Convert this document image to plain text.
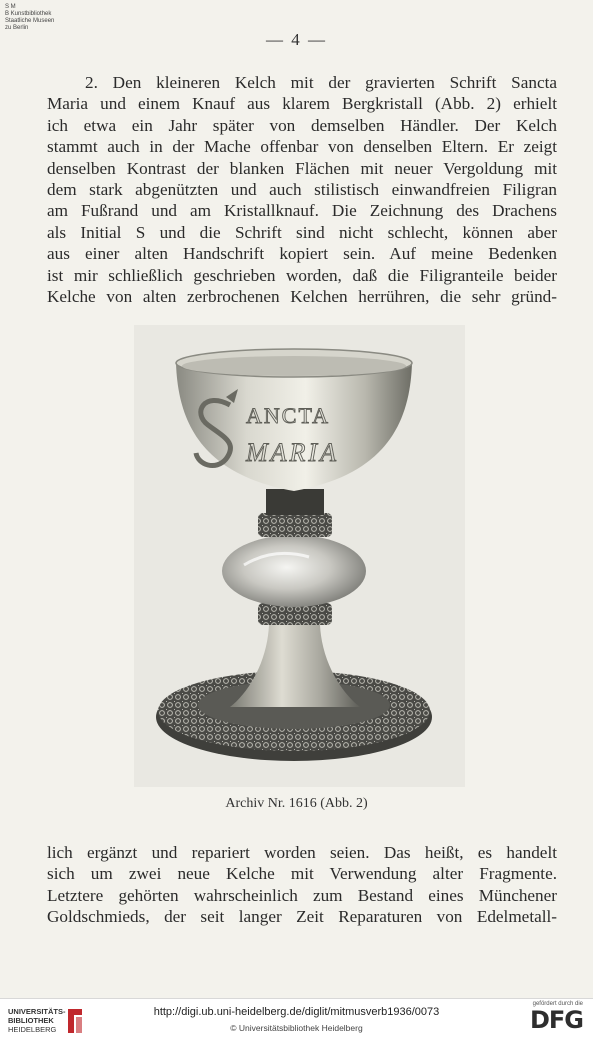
S M
B Kunstbibliothek
Staatliche Museen
zu Berlin
— 4 —
2. Den kleineren Kelch mit der gravierten Schrift Sancta
Maria und einem Knauf aus klarem Bergkristall (Abb. 2) erhielt
ich etwa ein Jahr später von demselben Händler. Der Kelch
stammt auch in der Mache offenbar von denselben Eltern. Er zeigt
denselben Kontrast der blanken Flächen mit neuer Vergoldung mit
dem stark abgenützten und auch stilistisch einwandfreien Filigran
am Fußrand und am Kristallknauf. Die Zeichnung des Drachens
als Initial S und die Schrift sind nicht schlecht, können aber
aus einer alten Handschrift kopiert sein. Auf meine Bedenken
ist mir schließlich geschrieben worden, daß die Filigranteile beider
Kelche von alten zerbrochenen Kelchen herrühren, die sehr gründ-
ANCTA
MARIA
Archiv Nr. 1616 (Abb. 2)
lich ergänzt und repariert worden seien. Das heißt, es handelt
sich um zwei neue Kelche mit Verwendung alter Fragmente.
Letztere gehörten wahrscheinlich zum Bestand eines Münchener
Goldschmieds, der seit langer Zeit Reparaturen von Edelmetall-
UNIVERSITÄTS-
BIBLIOTHEK
HEIDELBERG
http://digi.ub.uni-heidelberg.de/diglit/mitmusverb1936/0073
© Universitätsbibliothek Heidelberg
gefördert durch die
DFG
